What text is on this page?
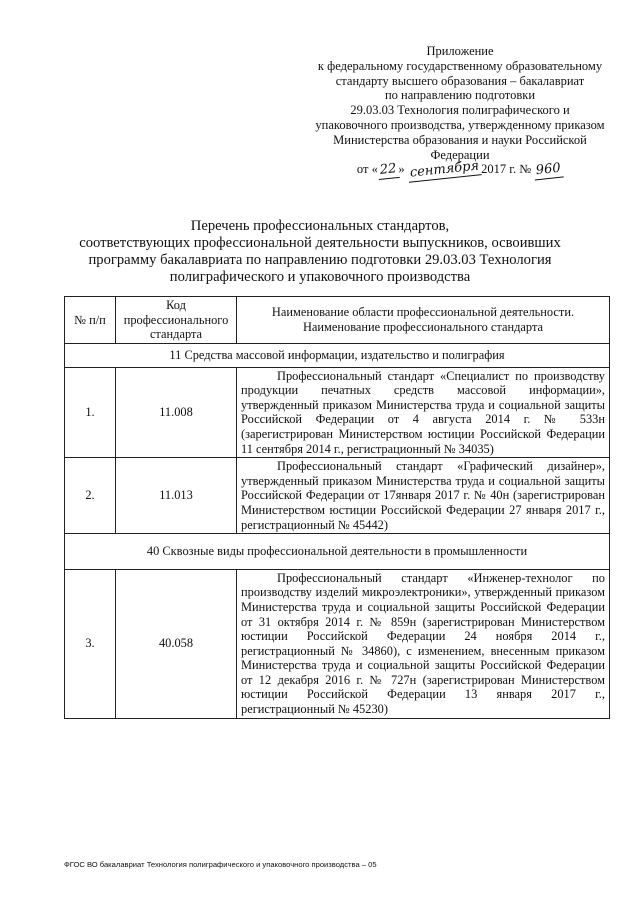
Приложение
к федеральному государственному образовательному
стандарту высшего образования – бакалавриат
по направлению подготовки
29.03.03 Технология полиграфического и
упаковочного производства, утвержденному приказом
Министерства образования и науки Российской
Федерации
от «22» сентября 2017 г. № 960
Перечень профессиональных стандартов,
соответствующих профессиональной деятельности выпускников, освоивших
программу бакалавриата по направлению подготовки 29.03.03 Технология
полиграфического и упаковочного производства
№ п/п	Код профессионального стандарта	Наименование области профессиональной деятельности. Наименование профессионального стандарта
11 Средства массовой информации, издательство и полиграфия		
1.	11.008	Профессиональный стандарт «Специалист по производству продукции печатных средств массовой информации», утвержденный приказом Министерства труда и социальной защиты Российской Федерации от 4 августа 2014 г. № 533н (зарегистрирован Министерством юстиции Российской Федерации 11 сентября 2014 г., регистрационный № 34035)
2.	11.013	Профессиональный стандарт «Графический дизайнер», утвержденный приказом Министерства труда и социальной защиты Российской Федерации от 17января 2017 г. № 40н (зарегистрирован Министерством юстиции Российской Федерации 27 января 2017 г., регистрационный № 45442)
40 Сквозные виды профессиональной деятельности в промышленности		
3.	40.058	Профессиональный стандарт «Инженер-технолог по производству изделий микроэлектроники», утвержденный приказом Министерства труда и социальной защиты Российской Федерации от 31 октября 2014 г. № 859н (зарегистрирован Министерством юстиции Российской Федерации 24 ноября 2014 г., регистрационный № 34860), с изменением, внесенным приказом Министерства труда и социальной защиты Российской Федерации от 12 декабря 2016 г. № 727н (зарегистрирован Министерством юстиции Российской Федерации 13 января 2017 г., регистрационный № 45230)
ФГОС ВО бакалавриат Технология полиграфического и упаковочного производства – 05
